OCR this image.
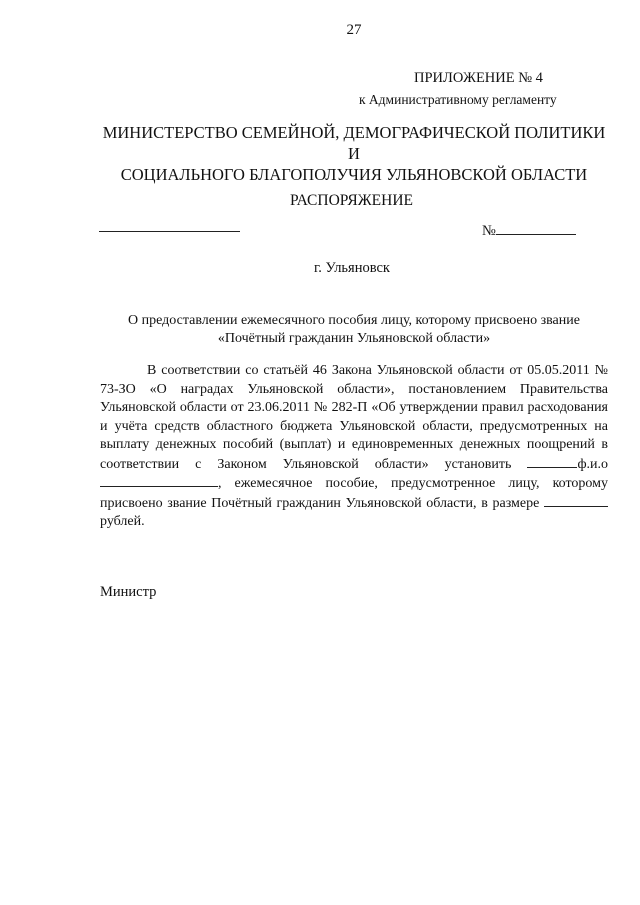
27
ПРИЛОЖЕНИЕ № 4
к Административному регламенту
МИНИСТЕРСТВО СЕМЕЙНОЙ, ДЕМОГРАФИЧЕСКОЙ ПОЛИТИКИ И
СОЦИАЛЬНОГО БЛАГОПОЛУЧИЯ УЛЬЯНОВСКОЙ ОБЛАСТИ
РАСПОРЯЖЕНИЕ
№
г. Ульяновск
О предоставлении ежемесячного пособия лицу, которому присвоено звание
«Почётный гражданин Ульяновской области»

В соответствии со статьёй 46 Закона Ульяновской области от 05.05.2011 № 73-ЗО «О наградах Ульяновской области», постановлением Правительства Ульяновской области от 23.06.2011 № 282-П «Об утверждении правил расходования и учёта средств областного бюджета Ульяновской области, предусмотренных на выплату денежных пособий (выплат) и единовременных денежных поощрений в соответствии с Законом Ульяновской области» установить	ф.и.о, ежемесячное пособие, предусмотренное лицу, которому присвоено звание Почётный гражданин Ульяновской области, в размере  рублей.

Министр
